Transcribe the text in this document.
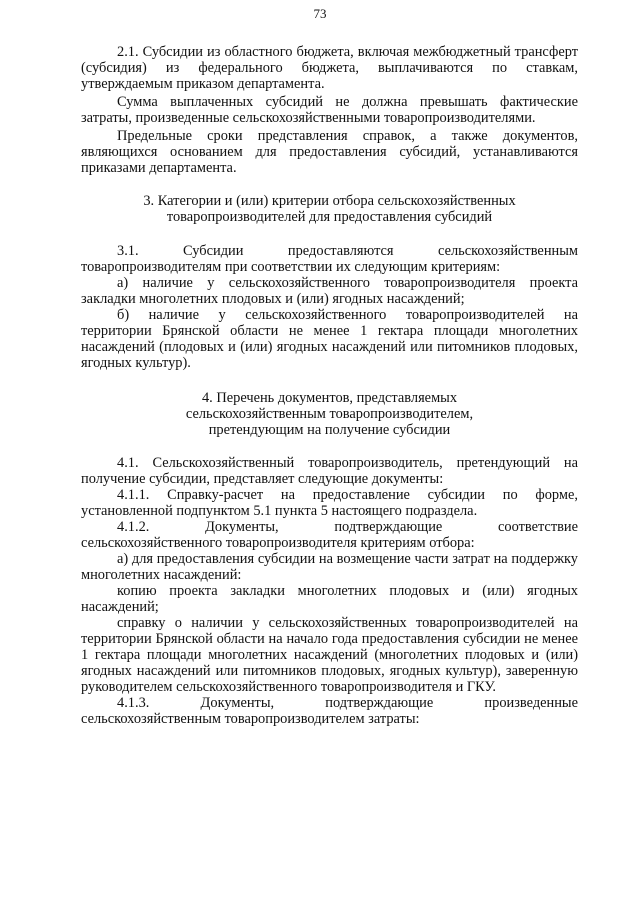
73

2.1. Субсидии из областного бюджета, включая межбюджетный трансферт (субсидия) из федерального бюджета, выплачиваются по ставкам, утверждаемым приказом департамента.

Сумма выплаченных субсидий не должна превышать фактические затраты, произведенные сельскохозяйственными товаропроизводителями.

Предельные сроки представления справок, а также документов, являющихся основанием для предоставления субсидий, устанавливаются приказами департамента.

3. Категории и (или) критерии отбора сельскохозяйственных
товаропроизводителей для предоставления субсидий

3.1. Субсидии предоставляются сельскохозяйственным

товаропроизводителям при соответствии их следующим критериям:

а) наличие у сельскохозяйственного товаропроизводителя проекта закладки многолетних плодовых и (или) ягодных насаждений;

б) наличие у сельскохозяйственного товаропроизводителей на

территории Брянской области не менее 1 гектара площади многолетних насаждений (плодовых и (или) ягодных насаждений или питомников плодовых, ягодных культур).

4. Перечень документов, представляемых
сельскохозяйственным товаропроизводителем,
претендующим на получение субсидии

4.1. Сельскохозяйственный товаропроизводитель, претендующий на получение субсидии, представляет следующие документы:

4.1.1. Справку-расчет на предоставление субсидии по форме, установленной подпунктом 5.1 пункта 5 настоящего подраздела.

4.1.2. Документы, подтверждающие соответствие

сельскохозяйственного товаропроизводителя критериям отбора:

а) для предоставления субсидии на возмещение части затрат на поддержку многолетних насаждений:

копию проекта закладки многолетних плодовых и (или) ягодных насаждений;

справку о наличии у сельскохозяйственных товаропроизводителей на территории Брянской области на начало года предоставления субсидии не менее 1 гектара площади многолетних насаждений (многолетних плодовых и (или) ягодных насаждений или питомников плодовых, ягодных культур), заверенную руководителем сельскохозяйственного товаропроизводителя и ГКУ.

4.1.3. Документы, подтверждающие произведенные

сельскохозяйственным товаропроизводителем затраты:
